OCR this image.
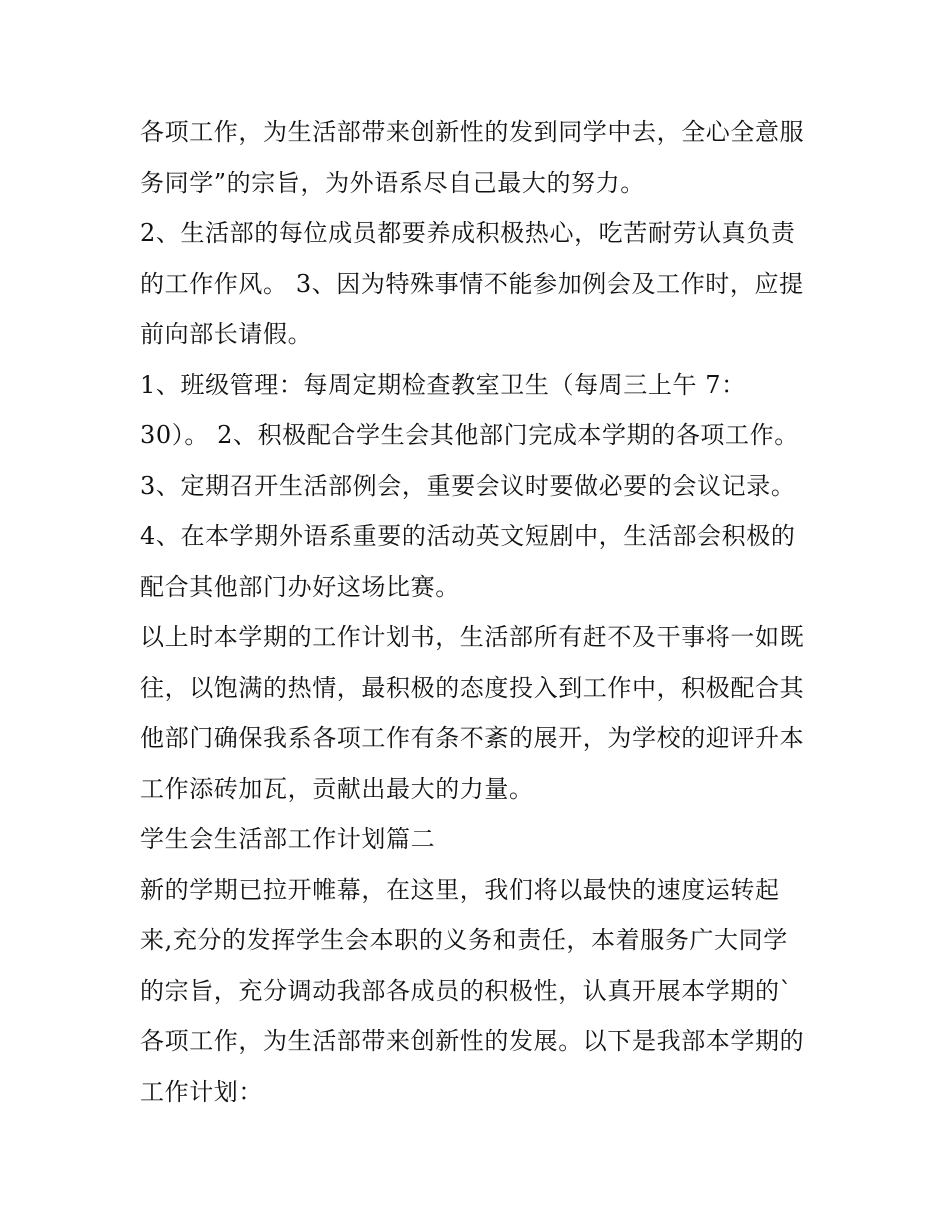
各项工作，为生活部带来创新性的发到同学中去，全心全意服
务同学”的宗旨，为外语系尽自己最大的努力。
2、生活部的每位成员都要养成积极热心，吃苦耐劳认真负责
的工作作风。 3、因为特殊事情不能参加例会及工作时，应提
前向部长请假。
1、班级管理：每周定期检查教室卫生（每周三上午 7：
30）。 2、积极配合学生会其他部门完成本学期的各项工作。
3、定期召开生活部例会，重要会议时要做必要的会议记录。
4、在本学期外语系重要的活动英文短剧中，生活部会积极的
配合其他部门办好这场比赛。
以上时本学期的工作计划书，生活部所有赶不及干事将一如既
往，以饱满的热情，最积极的态度投入到工作中，积极配合其
他部门确保我系各项工作有条不紊的展开，为学校的迎评升本
工作添砖加瓦，贡献出最大的力量。
学生会生活部工作计划篇二
新的学期已拉开帷幕，在这里，我们将以最快的速度运转起
来,充分的发挥学生会本职的义务和责任，本着服务广大同学
的宗旨，充分调动我部各成员的积极性，认真开展本学期的`
各项工作，为生活部带来创新性的发展。以下是我部本学期的
工作计划：
